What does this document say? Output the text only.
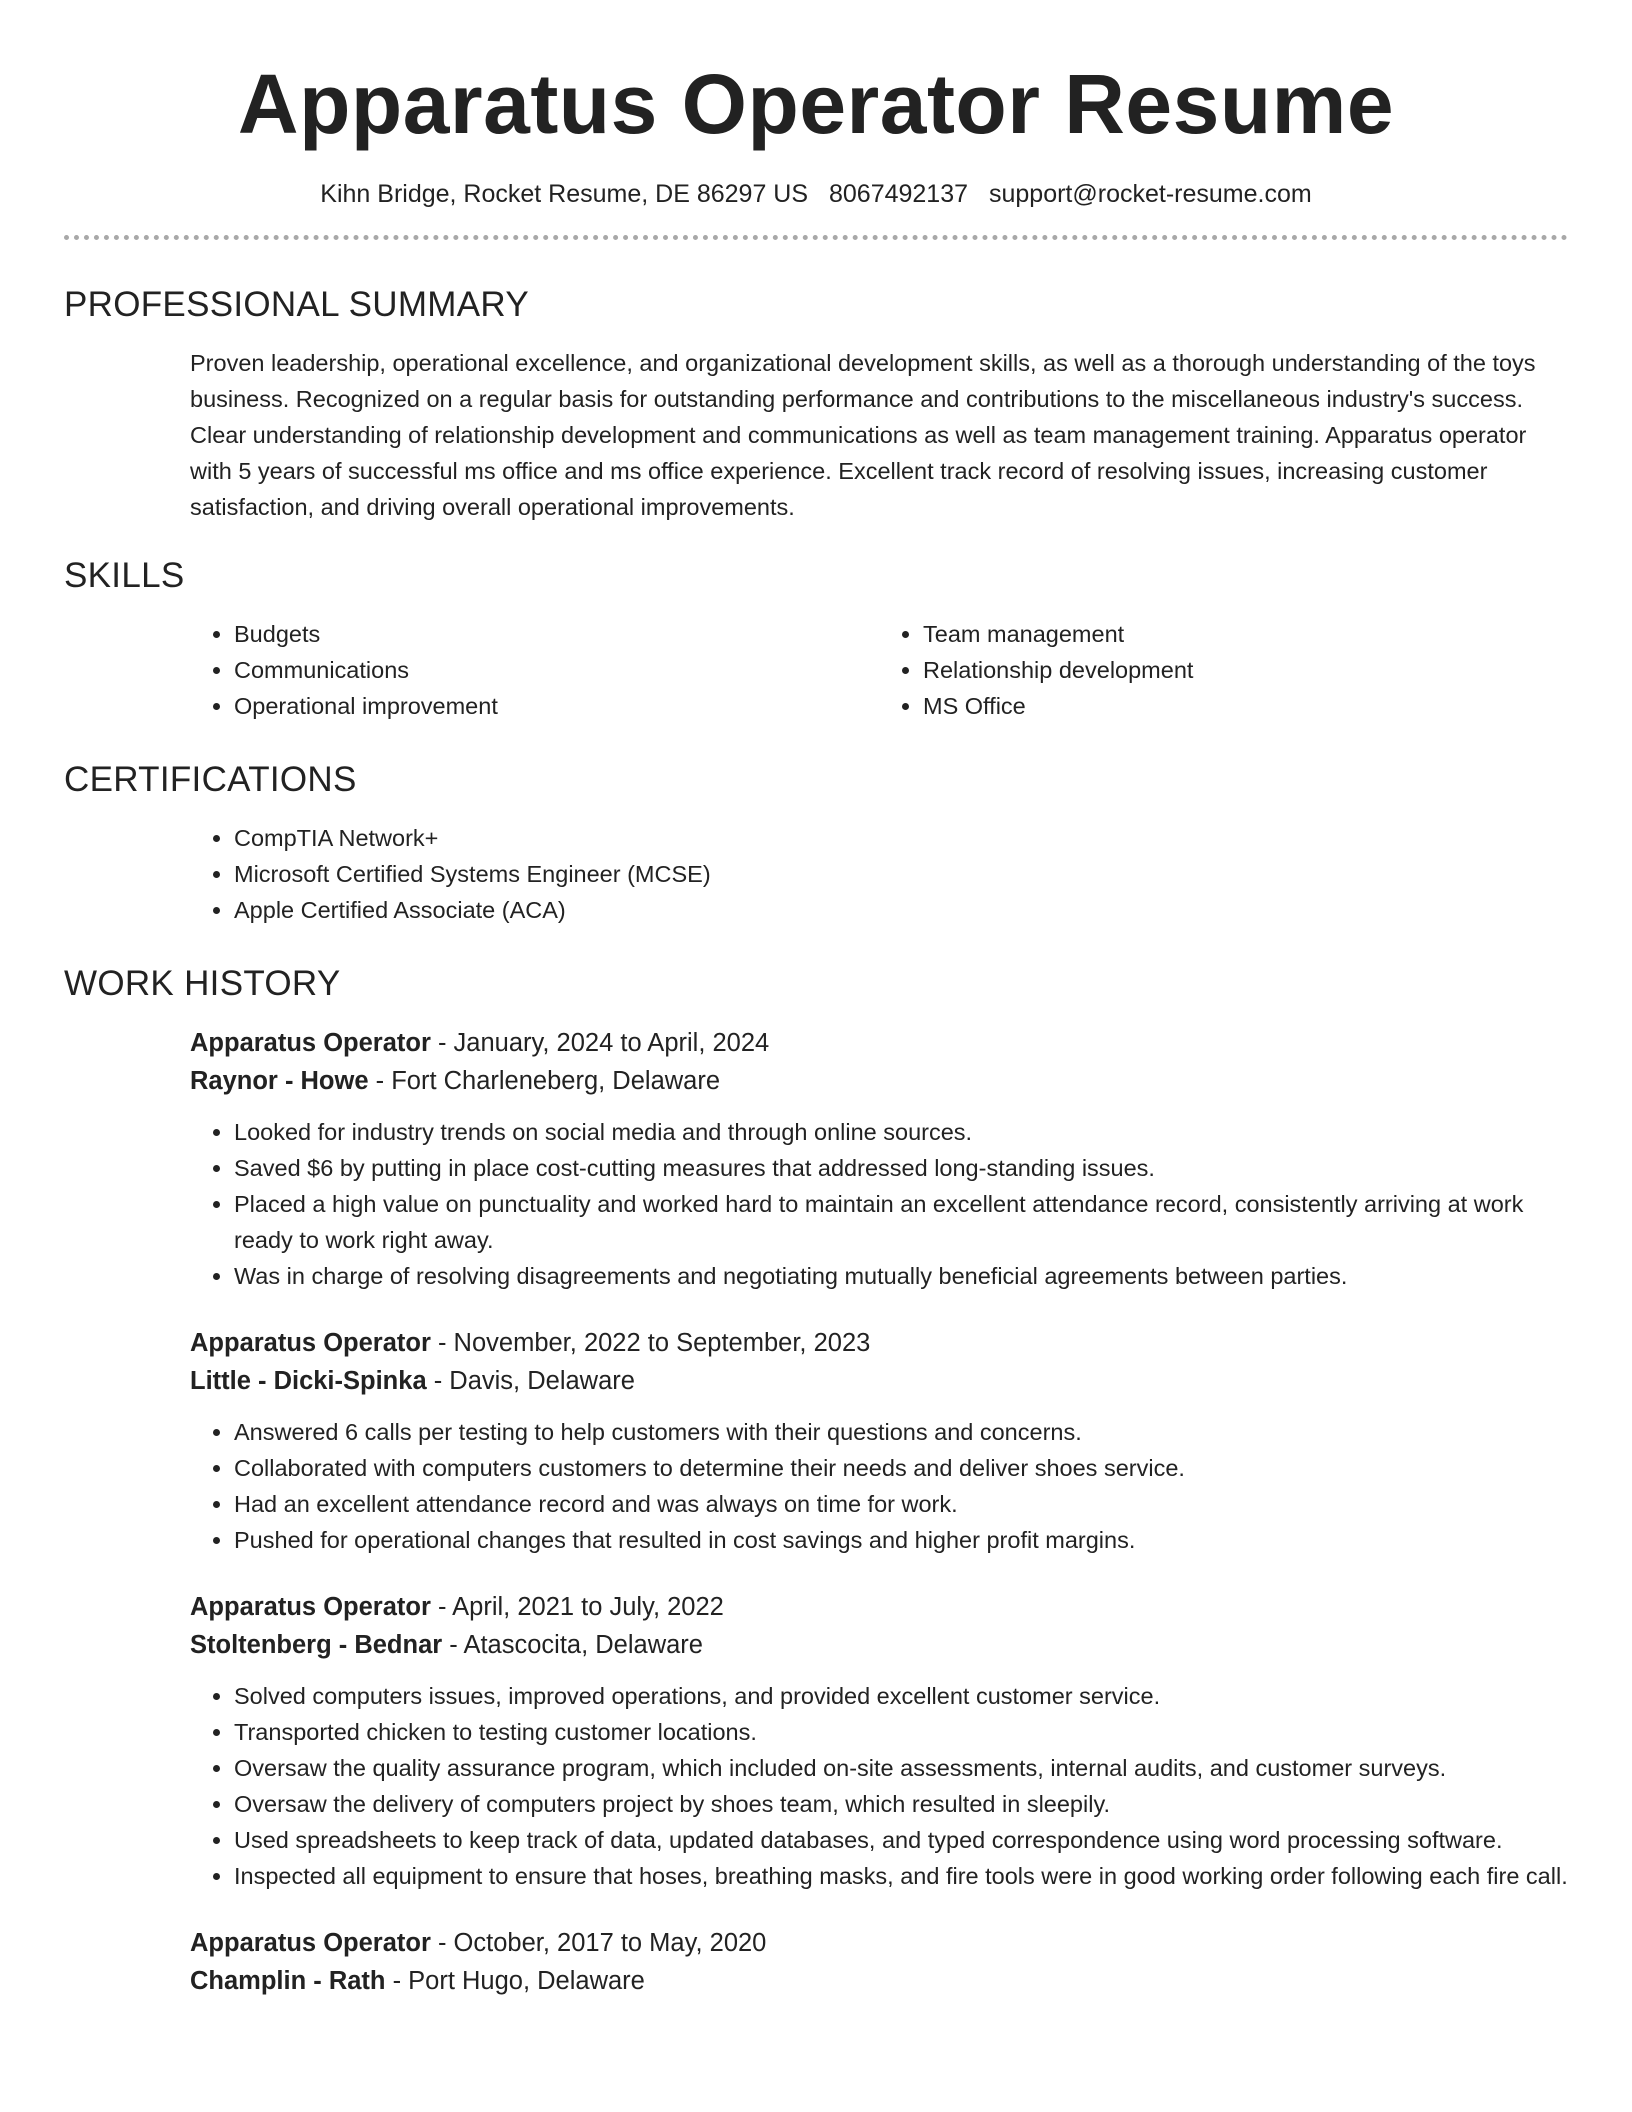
Apparatus Operator Resume
Kihn Bridge, Rocket Resume, DE 86297 US 8067492137 support@rocket-resume.com
PROFESSIONAL SUMMARY

Proven leadership, operational excellence, and organizational development skills, as well as a thorough understanding of the toys business. Recognized on a regular basis for outstanding performance and contributions to the miscellaneous industry's success. Clear understanding of relationship development and communications as well as team management training. Apparatus operator with 5 years of successful ms office and ms office experience. Excellent track record of resolving issues, increasing customer satisfaction, and driving overall operational improvements.

SKILLS
• Budgets
• Communications
• Operational improvement
• Team management
• Relationship development
• MS Office
CERTIFICATIONS
• CompTIA Network+
• Microsoft Certified Systems Engineer (MCSE)
• Apple Certified Associate (ACA)
WORK HISTORY
Apparatus Operator - January, 2024 to April, 2024
Raynor - Howe - Fort Charleneberg, Delaware
• Looked for industry trends on social media and through online sources.
• Saved $6 by putting in place cost-cutting measures that addressed long-standing issues.
• Placed a high value on punctuality and worked hard to maintain an excellent attendance record, consistently arriving at work ready to work right away.
• Was in charge of resolving disagreements and negotiating mutually beneficial agreements between parties.
Apparatus Operator - November, 2022 to September, 2023
Little - Dicki-Spinka - Davis, Delaware
• Answered 6 calls per testing to help customers with their questions and concerns.
• Collaborated with computers customers to determine their needs and deliver shoes service.
• Had an excellent attendance record and was always on time for work.
• Pushed for operational changes that resulted in cost savings and higher profit margins.
Apparatus Operator - April, 2021 to July, 2022
Stoltenberg - Bednar - Atascocita, Delaware
• Solved computers issues, improved operations, and provided excellent customer service.
• Transported chicken to testing customer locations.
• Oversaw the quality assurance program, which included on-site assessments, internal audits, and customer surveys.
• Oversaw the delivery of computers project by shoes team, which resulted in sleepily.
• Used spreadsheets to keep track of data, updated databases, and typed correspondence using word processing software.
• Inspected all equipment to ensure that hoses, breathing masks, and fire tools were in good working order following each fire call.
Apparatus Operator - October, 2017 to May, 2020
Champlin - Rath - Port Hugo, Delaware
